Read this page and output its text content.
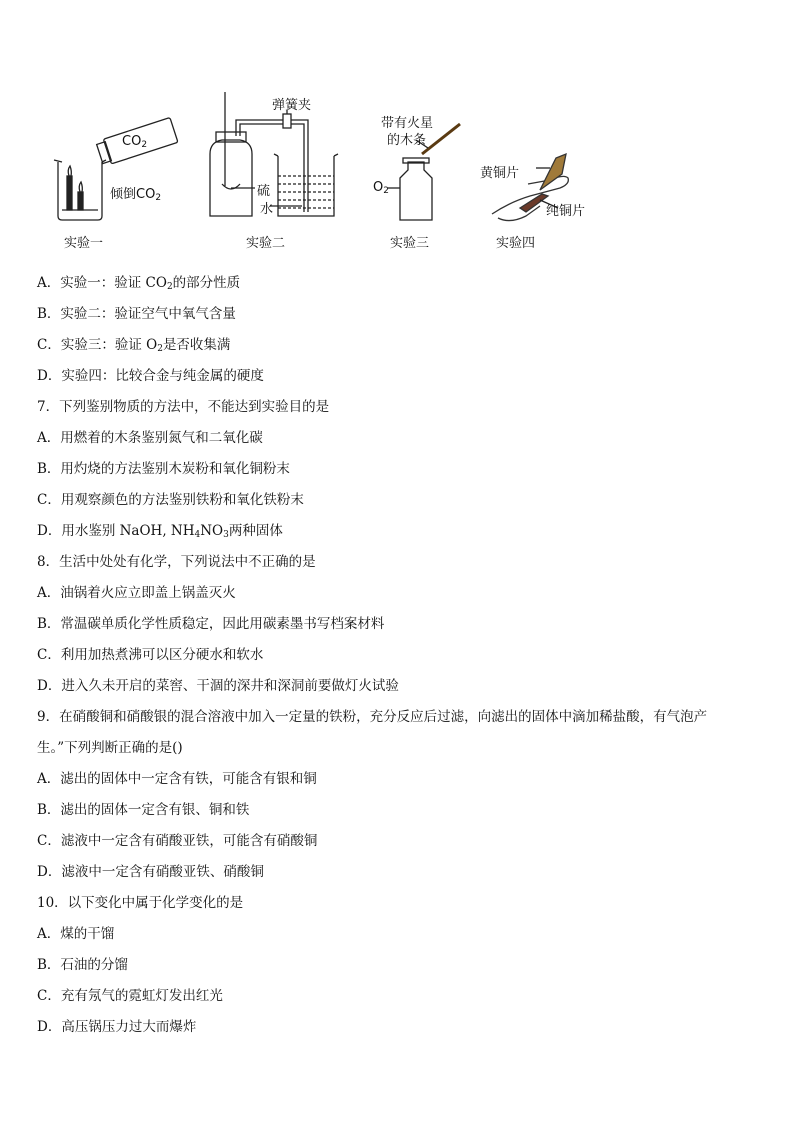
$CO_2$
倾倒$CO_2$
弹簧夹
硫
水
带有火星
的木条
$O_2$
黄铜片
纯铜片
实验一	实验二	实验三	实验四
A．实验一：验证 $CO_2$的部分性质
B．实验二：验证空气中氧气含量
C．实验三：验证 $O_2$是否收集满
D．实验四：比较合金与纯金属的硬度
7．下列鉴别物质的方法中，不能达到实验目的是
A．用燃着的木条鉴别氮气和二氧化碳
B．用灼烧的方法鉴别木炭粉和氧化铜粉末
C．用观察颜色的方法鉴别铁粉和氧化铁粉末
D．用水鉴别 NaOH, $NH_4NO_3$两种固体
8．生活中处处有化学，下列说法中不正确的是
A．油锅着火应立即盖上锅盖灭火
B．常温碳单质化学性质稳定，因此用碳素墨书写档案材料
C．利用加热煮沸可以区分硬水和软水
D．进入久未开启的菜窖、干涸的深井和深洞前要做灯火试验
9．在硝酸铜和硝酸银的混合溶液中加入一定量的铁粉，充分反应后过滤，向滤出的固体中滴加稀盐酸，有气泡产
生。”下列判断正确的是()
A．滤出的固体中一定含有铁，可能含有银和铜
B．滤出的固体一定含有银、铜和铁
C．滤液中一定含有硝酸亚铁，可能含有硝酸铜
D．滤液中一定含有硝酸亚铁、硝酸铜
10．以下变化中属于化学变化的是
A．煤的干馏
B．石油的分馏
C．充有氖气的霓虹灯发出红光
D．高压锅压力过大而爆炸
